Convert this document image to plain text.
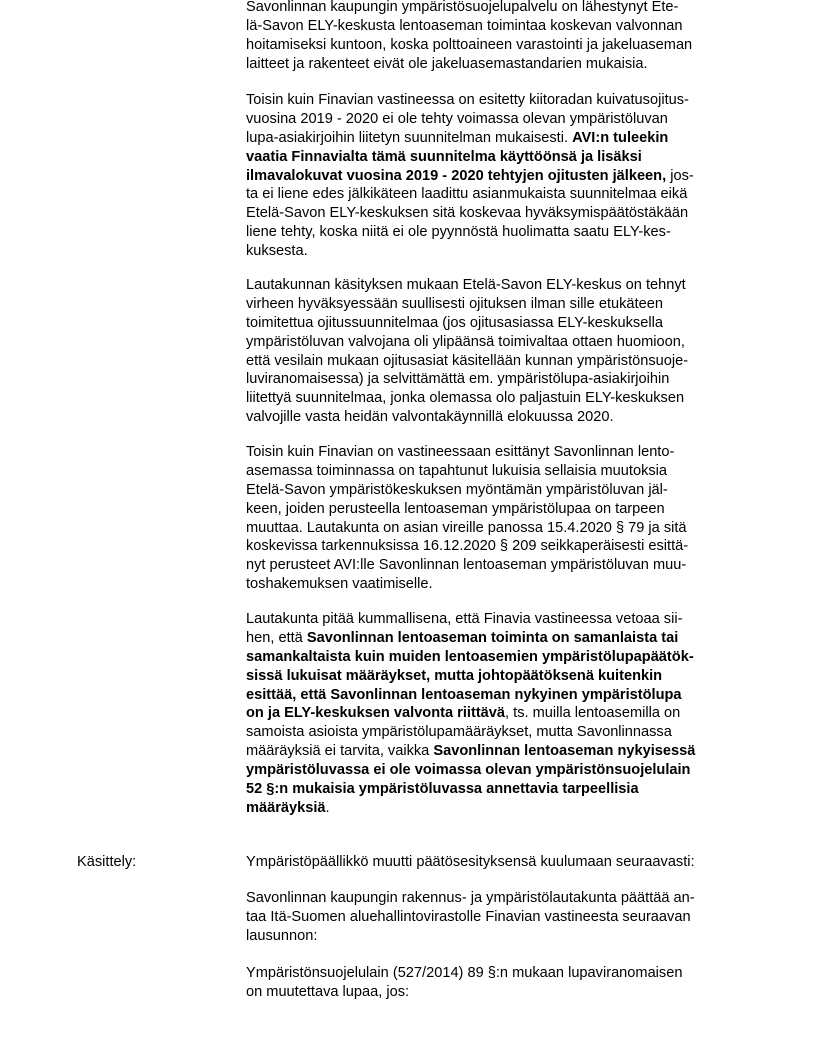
Savonlinnan kaupungin ympäristösuojelupalvelu on lähestynyt Ete-
lä-Savon ELY-keskusta lentoaseman toimintaa koskevan valvonnan
hoitamiseksi kuntoon, koska polttoaineen varastointi ja jakeluaseman
laitteet ja rakenteet eivät ole jakeluasemastandarien mukaisia.
Toisin kuin Finavian vastineessa on esitetty kiitoradan kuivatusojitus-
vuosina 2019 - 2020 ei ole tehty voimassa olevan ympäristöluvan
lupa-asiakirjoihin liitetyn suunnitelman mukaisesti. AVI:n tuleekin
vaatia Finnavialta tämä suunnitelma käyttöönsä ja lisäksi
ilmavalokuvat vuosina 2019 - 2020 tehtyjen ojitusten jälkeen, jos-
ta ei liene edes jälkikäteen laadittu asianmukaista suunnitelmaa eikä
Etelä-Savon ELY-keskuksen sitä koskevaa hyväksymispäätöstäkään
liene tehty, koska niitä ei ole pyynnöstä huolimatta saatu ELY-kes-
kuksesta.
Lautakunnan käsityksen mukaan Etelä-Savon ELY-keskus on tehnyt
virheen hyväksyessään suullisesti ojituksen ilman sille etukäteen
toimitettua ojitussuunnitelmaa (jos ojitusasiassa ELY-keskuksella
ympäristöluvan valvojana oli ylipäänsä toimivaltaa ottaen huomioon,
että vesilain mukaan ojitusasiat käsitellään kunnan ympäristönsuoje-
luviranomaisessa) ja selvittämättä em. ympäristölupa-asiakirjoihin
liitettyä suunnitelmaa, jonka olemassa olo paljastuin ELY-keskuksen
valvojille vasta heidän valvontakäynnillä elokuussa 2020.
Toisin kuin Finavian on vastineessaan esittänyt Savonlinnan lento-
asemassa toiminnassa on tapahtunut lukuisia sellaisia muutoksia
Etelä-Savon ympäristökeskuksen myöntämän ympäristöluvan jäl-
keen, joiden perusteella lentoaseman ympäristölupaa on tarpeen
muuttaa. Lautakunta on asian vireille panossa 15.4.2020 § 79 ja sitä
koskevissa tarkennuksissa 16.12.2020 § 209 seikkaperäisesti esittä-
nyt perusteet AVI:lle Savonlinnan lentoaseman ympäristöluvan muu-
toshakemuksen vaatimiselle.
Lautakunta pitää kummallisena, että Finavia vastineessa vetoaa sii-
hen, että Savonlinnan lentoaseman toiminta on samanlaista tai
samankaltaista kuin muiden lentoasemien ympäristölupapäätök-
sissä lukuisat määräykset, mutta johtopäätöksenä kuitenkin
esittää, että Savonlinnan lentoaseman nykyinen ympäristölupa
on ja ELY-keskuksen valvonta riittävä, ts. muilla lentoasemilla on
samoista asioista ympäristölupamääräykset, mutta Savonlinnassa
määräyksiä ei tarvita, vaikka Savonlinnan lentoaseman nykyisessä
ympäristöluvassa ei ole voimassa olevan ympäristönsuojelulain
52 §:n mukaisia ympäristöluvassa annettavia tarpeellisia
määräyksiä.
Käsittely:	Ympäristöpäällikkö muutti päätösesityksensä kuulumaan seuraavasti:
Savonlinnan kaupungin rakennus- ja ympäristölautakunta päättää an-
taa Itä-Suomen aluehallintovirastolle Finavian vastineesta seuraavan
lausunnon:
Ympäristönsuojelulain (527/2014) 89 §:n mukaan lupaviranomaisen
on muutettava lupaa, jos:
